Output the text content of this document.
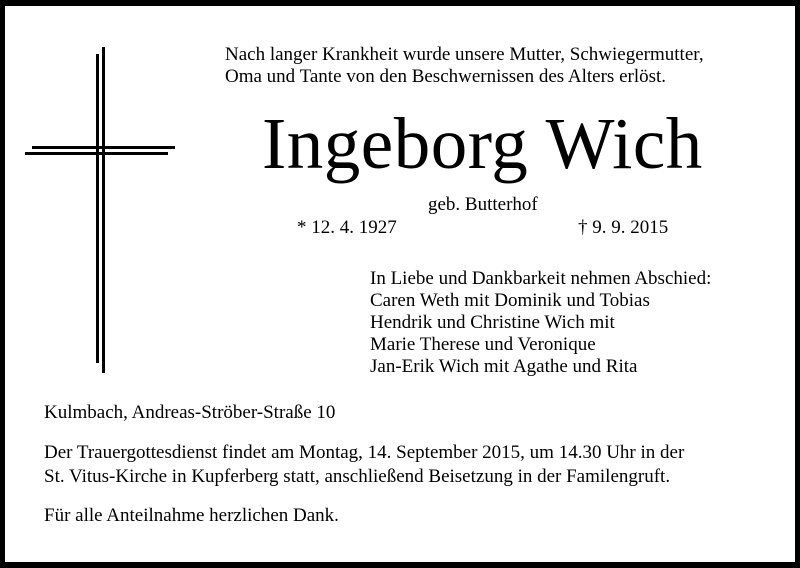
Nach langer Krankheit wurde unsere Mutter, Schwiegermutter,
Oma und Tante von den Beschwernissen des Alters erlöst.
Ingeborg Wich
geb. Butterhof
* 12. 4. 1927	† 9. 9. 2015
In Liebe und Dankbarkeit nehmen Abschied:
Caren Weth mit Dominik und Tobias
Hendrik und Christine Wich mit
Marie Therese und Veronique
Jan-Erik Wich mit Agathe und Rita
Kulmbach, Andreas-Ströber-Straße 10
Der Trauergottesdienst findet am Montag, 14. September 2015, um 14.30 Uhr in der
St. Vitus-Kirche in Kupferberg statt, anschließend Beisetzung in der Familengruft.
Für alle Anteilnahme herzlichen Dank.
